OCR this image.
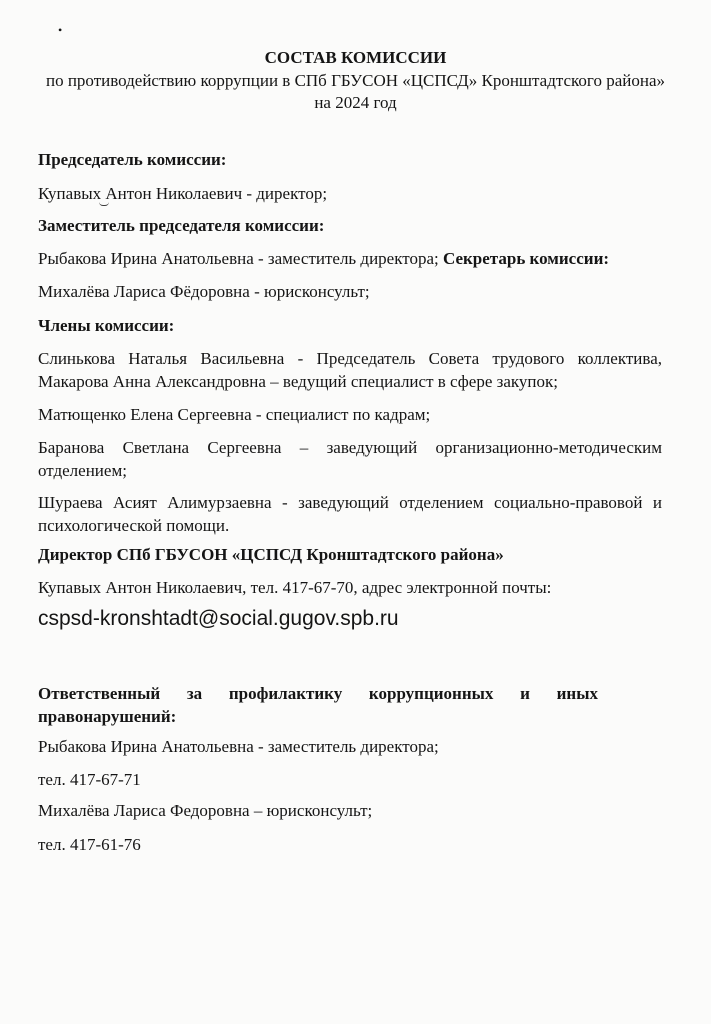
•
СОСТАВ КОМИССИИ
по противодействию коррупции в СПб ГБУСОН «ЦСПСД» Кронштадтского района» на 2024 год
Председатель комиссии:
Купавых Антон Николаевич - директор;
Заместитель председателя комиссии:
Рыбакова Ирина Анатольевна - заместитель директора; Секретарь комиссии:
Михалёва Лариса Фёдоровна - юрисконсульт;
Члены комиссии:
Слинькова Наталья Васильевна - Председатель Совета трудового коллектива,
Макарова Анна Александровна – ведущий специалист в сфере закупок;
Матющенко Елена Сергеевна - специалист по кадрам;
Баранова Светлана Сергеевна – заведующий организационно-методическим отделением;
Шураева Асият Алимурзаевна - заведующий отделением социально-правовой и психологической помощи.
Директор СПб ГБУСОН «ЦСПСД Кронштадтского района»
Купавых Антон Николаевич, тел. 417-67-70, адрес электронной почты:
cspsd-kronshtadt@social.gugov.spb.ru
Ответственный за профилактику коррупционных и иных правонарушений:
Рыбакова Ирина Анатольевна - заместитель директора;
тел. 417-67-71
Михалёва Лариса Федоровна – юрисконсульт;
тел. 417-61-76
